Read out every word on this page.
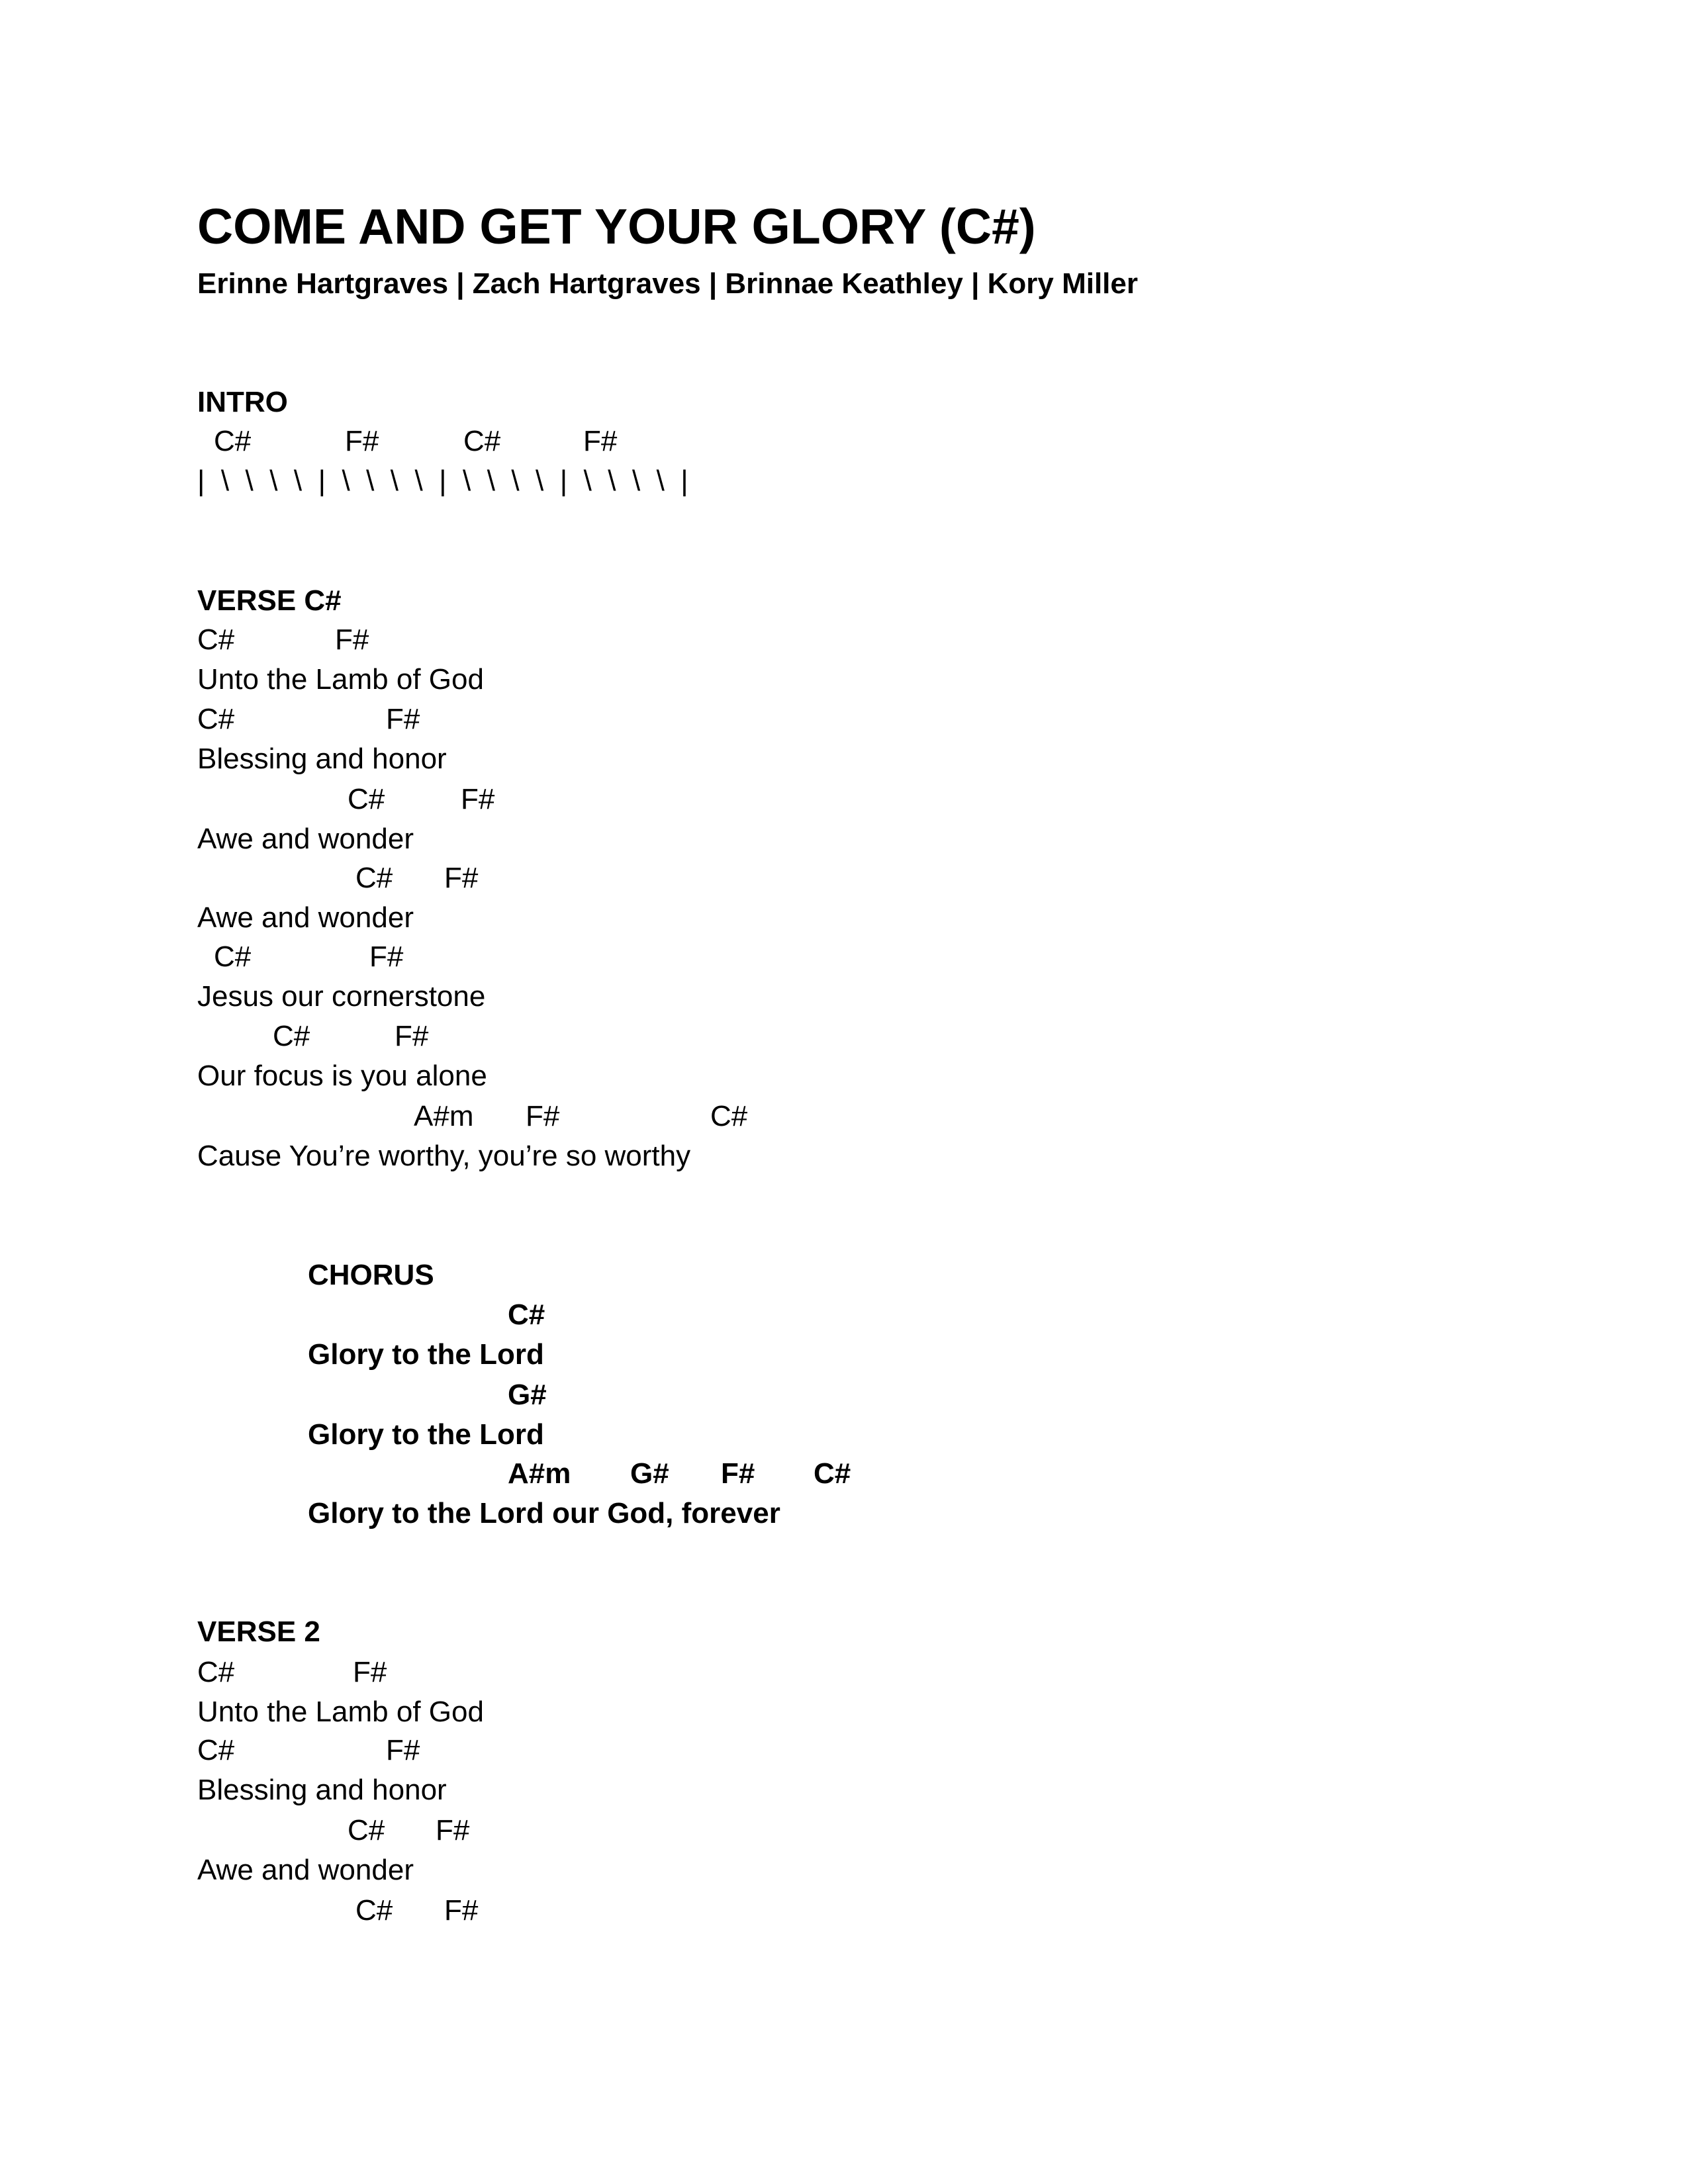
COME AND GET YOUR GLORY (C#)
Erinne Hartgraves | Zach Hartgraves | Brinnae Keathley | Kory Miller
INTRO
C#	F#	C#	F#
|  \  \  \  \  |  \  \  \  \  |  \  \  \  \  |  \  \  \  \  |
VERSE C#
C#	F#
Unto the Lamb of God
C#	F#
Blessing and honor
C#	F#
Awe and wonder
C# F#
Awe and wonder
C#	F#
Jesus our cornerstone
C#	F#
Our focus is you alone
A#m F#	C#
Cause You’re worthy, you’re so worthy
CHORUS
C#
Glory to the Lord
G#
Glory to the Lord
A#m G# F# C#
Glory to the Lord our God, forever
VERSE 2
C#	F#
Unto the Lamb of God
C#	F#
Blessing and honor
C# F#
Awe and wonder
C# F#
